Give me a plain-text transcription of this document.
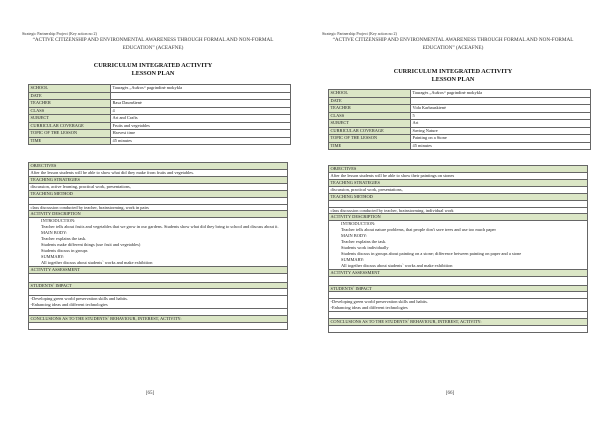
Strategic Partnership Project (Key action no 2)
“ACTIVE CITIZENSHIP AND ENVIRONMENTAL AWARENESS THROUGH FORMAL AND NON-FORMAL EDUCATION” (ACEAFNE)
CURRICULUM INTEGRATED ACTIVITY
LESSON PLAN
SCHOOL	Tauragės „Aušros“ pagrindinė mokykla
DATE	
TEACHER	Rasa Daumšienė
CLASS	4
SUBJECT	Art and Crafts
CURRICULAR COVERAGE	Fruits and vegetables
TOPIC OF THE LESSON	Harvest time
TIME	45 minutes
OBJECTIVES
After the lesson students will be able to show what did they make from fruits and vegetables.
TEACHING STRATEGIES
discussion, active learning, practical work, presentations,
TEACHING METHOD
class discussion conducted by teacher, brainstorming, work in pairs
ACTIVITY DESCRIPTION
INTRODUCTION:
Teacher tells about fruits and vegetables that we grow in our gardens. Students show what did they bring to school and discuss about it.
MAIN BODY:
Teacher explains the task.
Students make different things (use fruit and vegetables)
Students discuss in groups
SUMMARY:
All together discuss about students` works and make exhibition
ACTIVITY ASSESSMENT
STUDENTS` IMPACT
-Developing green world preservation skills and habits.
-Enhancing ideas and different technologies
CONCLUSIONS AS TO THE STUDENTS` BEHAVIOUR, INTEREST, ACTIVITY:
[65]
Strategic Partnership Project (Key action no 2)
“ACTIVE CITIZENSHIP AND ENVIRONMENTAL AWARENESS THROUGH FORMAL AND NON-FORMAL EDUCATION” (ACEAFNE)
CURRICULUM INTEGRATED ACTIVITY
LESSON PLAN
SCHOOL	Tauragės „Aušros“ pagrindinė mokykla
DATE	
TEACHER	Vida Karbauskienė
CLASS	5
SUBJECT	Art
CURRICULAR COVERAGE	Saving Nature
TOPIC OF THE LESSON	Painting on a Stone
TIME	45 minutes
OBJECTIVES
After the lesson students will be able to show their paintings on stones
TEACHING STRATEGIES
discussion, practical work, presentations,
TEACHING METHOD
class discussion conducted by teacher, brainstorming, individual work
ACTIVITY DESCRIPTION
INTRODUCTION:
Teacher tells about nature problems, that people don't save trees and use too much paper
MAIN BODY:
Teacher explains the task.
Students work individually
Students discuss in groups about painting on a stone; difference between painting on paper and a stone
SUMMARY:
All together discuss about students` works and make exhibition
ACTIVITY ASSESSMENT
STUDENTS` IMPACT
-Developing green world preservation skills and habits.
-Enhancing ideas and different technologies
CONCLUSIONS AS TO THE STUDENTS` BEHAVIOUR, INTEREST, ACTIVITY:
[66]
